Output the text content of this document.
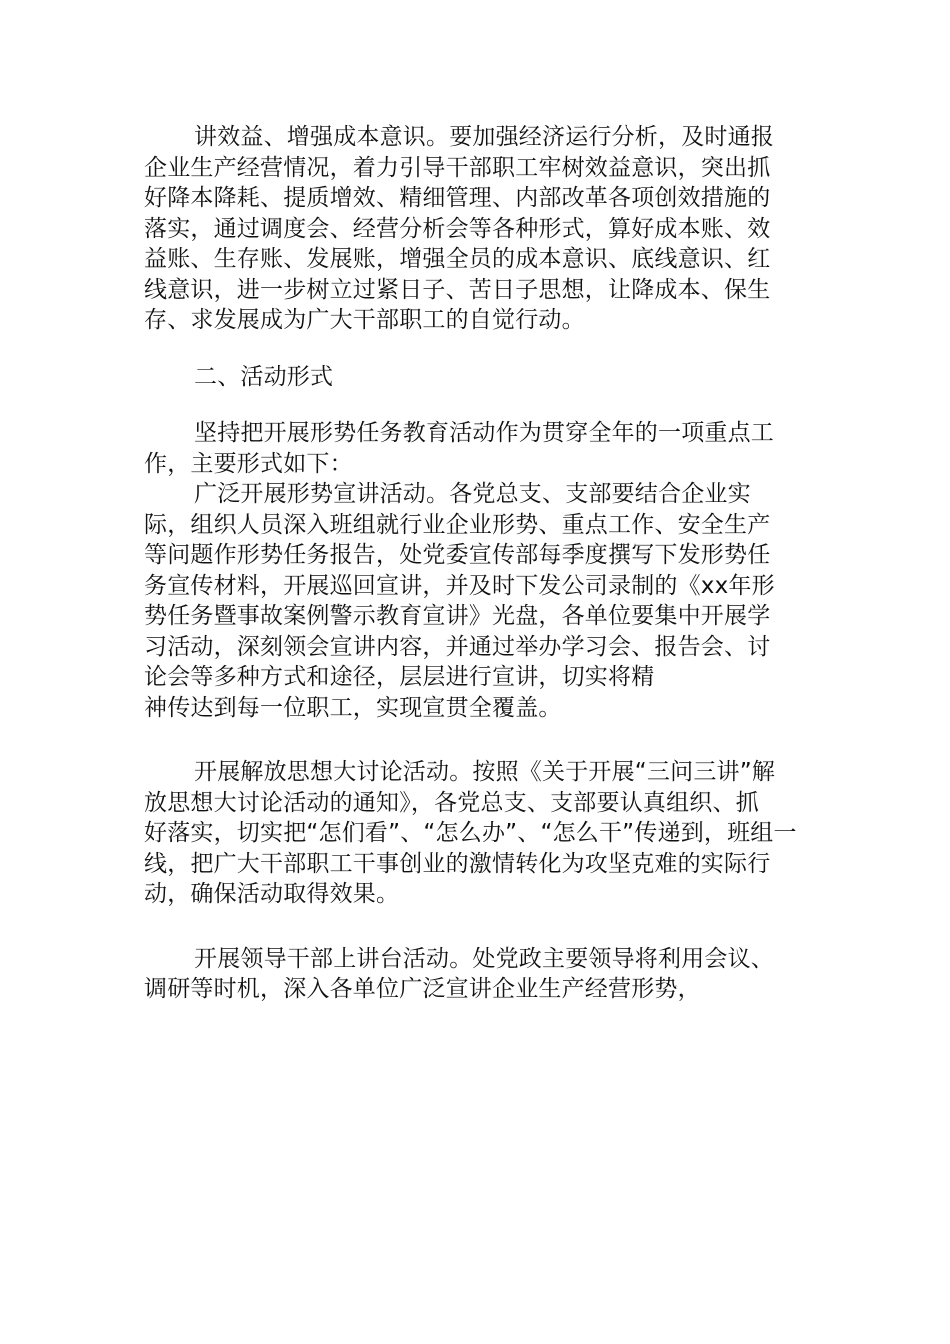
讲效益、增强成本意识。要加强经济运行分析，及时通报
企业生产经营情况，着力引导干部职工牢树效益意识，突出抓
好降本降耗、提质增效、精细管理、内部改革各项创效措施的
落实，通过调度会、经营分析会等各种形式，算好成本账、效
益账、生存账、发展账，增强全员的成本意识、底线意识、红
线意识，进一步树立过紧日子、苦日子思想，让降成本、保生
存、求发展成为广大干部职工的自觉行动。
二、活动形式
坚持把开展形势任务教育活动作为贯穿全年的一项重点工
作，主要形式如下：
广泛开展形势宣讲活动。各党总支、支部要结合企业实
际，组织人员深入班组就行业企业形势、重点工作、安全生产
等问题作形势任务报告，处党委宣传部每季度撰写下发形势任
务宣传材料，开展巡回宣讲，并及时下发公司录制的《xx年形
势任务暨事故案例警示教育宣讲》光盘，各单位要集中开展学
习活动，深刻领会宣讲内容，并通过举办学习会、报告会、讨
论会等多种方式和途径，层层进行宣讲，切实将精
神传达到每一位职工，实现宣贯全覆盖。
开展解放思想大讨论活动。按照《关于开展“三问三讲”解
放思想大讨论活动的通知》，各党总支、支部要认真组织、抓
好落实，切实把“怎们看”、“怎么办”、“怎么干”传递到，班组一
线，把广大干部职工干事创业的激情转化为攻坚克难的实际行
动，确保活动取得效果。
开展领导干部上讲台活动。处党政主要领导将利用会议、
调研等时机，深入各单位广泛宣讲企业生产经营形势，
